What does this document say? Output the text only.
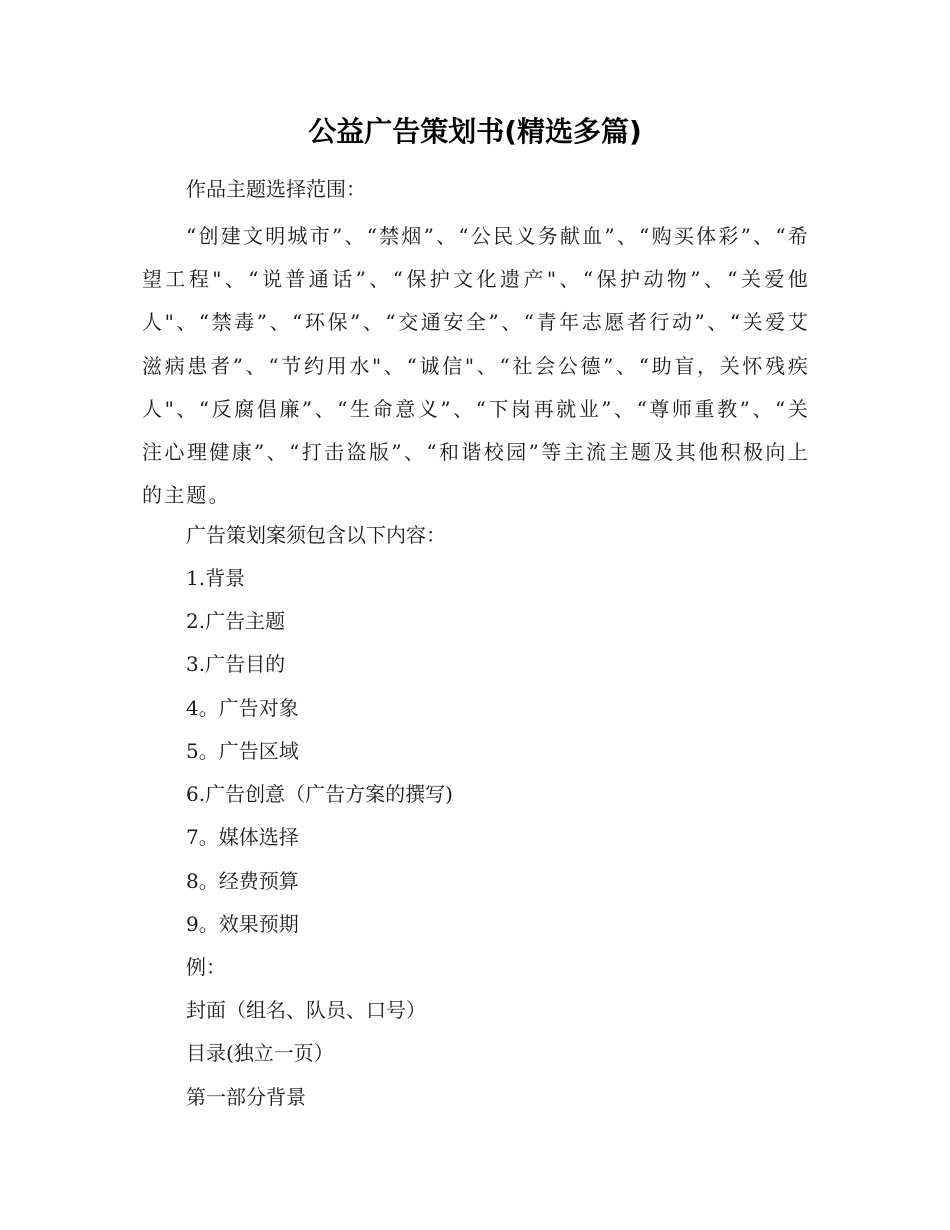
公益广告策划书(精选多篇)

作品主题选择范围：

“创建文明城市”、“禁烟”、“公民义务献血”、“购买体彩”、“希望工程"、“说普通话”、“保护文化遗产"、“保护动物”、“关爱他人"、“禁毒”、“环保”、“交通安全”、“青年志愿者行动”、“关爱艾滋病患者”、“节约用水"、“诚信"、“社会公德”、“助盲，关怀残疾人"、“反腐倡廉”、“生命意义”、“下岗再就业”、“尊师重教”、“关注心理健康”、“打击盗版”、“和谐校园”等主流主题及其他积极向上的主题。

广告策划案须包含以下内容：

1.背景

2.广告主题

3.广告目的

4。广告对象

5。广告区域

6.广告创意（广告方案的撰写)

7。媒体选择

8。经费预算

9。效果预期

例：

封面（组名、队员、口号）

目录(独立一页）

第一部分背景
